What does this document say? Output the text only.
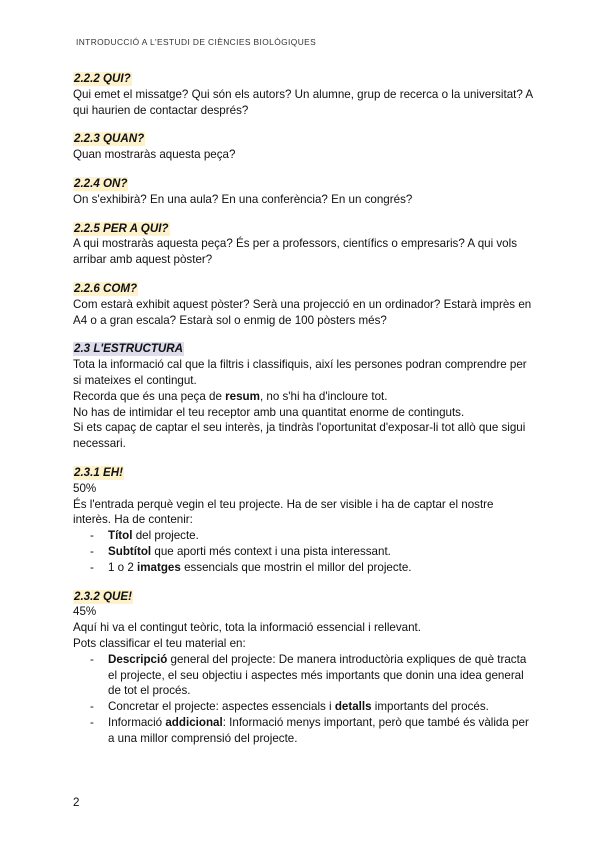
INTRODUCCIÓ A L'ESTUDI DE CIÈNCIES BIOLÒGIQUES
2.2.2 QUI?

Qui emet el missatge? Qui són els autors? Un alumne, grup de recerca o la universitat? A qui haurien de contactar després?

2.2.3 QUAN?

Quan mostraràs aquesta peça?

2.2.4 ON?

On s'exhibirà? En una aula? En una conferència? En un congrés?

2.2.5 PER A QUI?

A qui mostraràs aquesta peça? És per a professors, científics o empresaris? A qui vols arribar amb aquest pòster?

2.2.6 COM?

Com estarà exhibit aquest pòster? Serà una projecció en un ordinador? Estarà imprès en A4 o a gran escala? Estarà sol o enmig de 100 pòsters més?

2.3 L'ESTRUCTURA

Tota la informació cal que la filtris i classifiquis, així les persones podran comprendre per si mateixes el contingut.

Recorda que és una peça de resum, no s'hi ha d'incloure tot.

No has de intimidar el teu receptor amb una quantitat enorme de continguts.

Si ets capaç de captar el seu interès, ja tindràs l'oportunitat d'exposar-li tot allò que sigui necessari.

2.3.1 EH!

50%

És l'entrada perquè vegin el teu projecte. Ha de ser visible i ha de captar el nostre interès. Ha de contenir:

- Títol del projecte.
- Subtítol que aporti més context i una pista interessant.
- 1 o 2 imatges essencials que mostrin el millor del projecte.
2.3.2 QUE!

45%

Aquí hi va el contingut teòric, tota la informació essencial i rellevant.

Pots classificar el teu material en:

- Descripció general del projecte: De manera introductòria expliques de què tracta el projecte, el seu objectiu i aspectes més importants que donin una idea general de tot el procés.
- Concretar el projecte: aspectes essencials i detalls importants del procés.
- Informació addicional: Informació menys important, però que també és vàlida per a una millor comprensió del projecte.
2
